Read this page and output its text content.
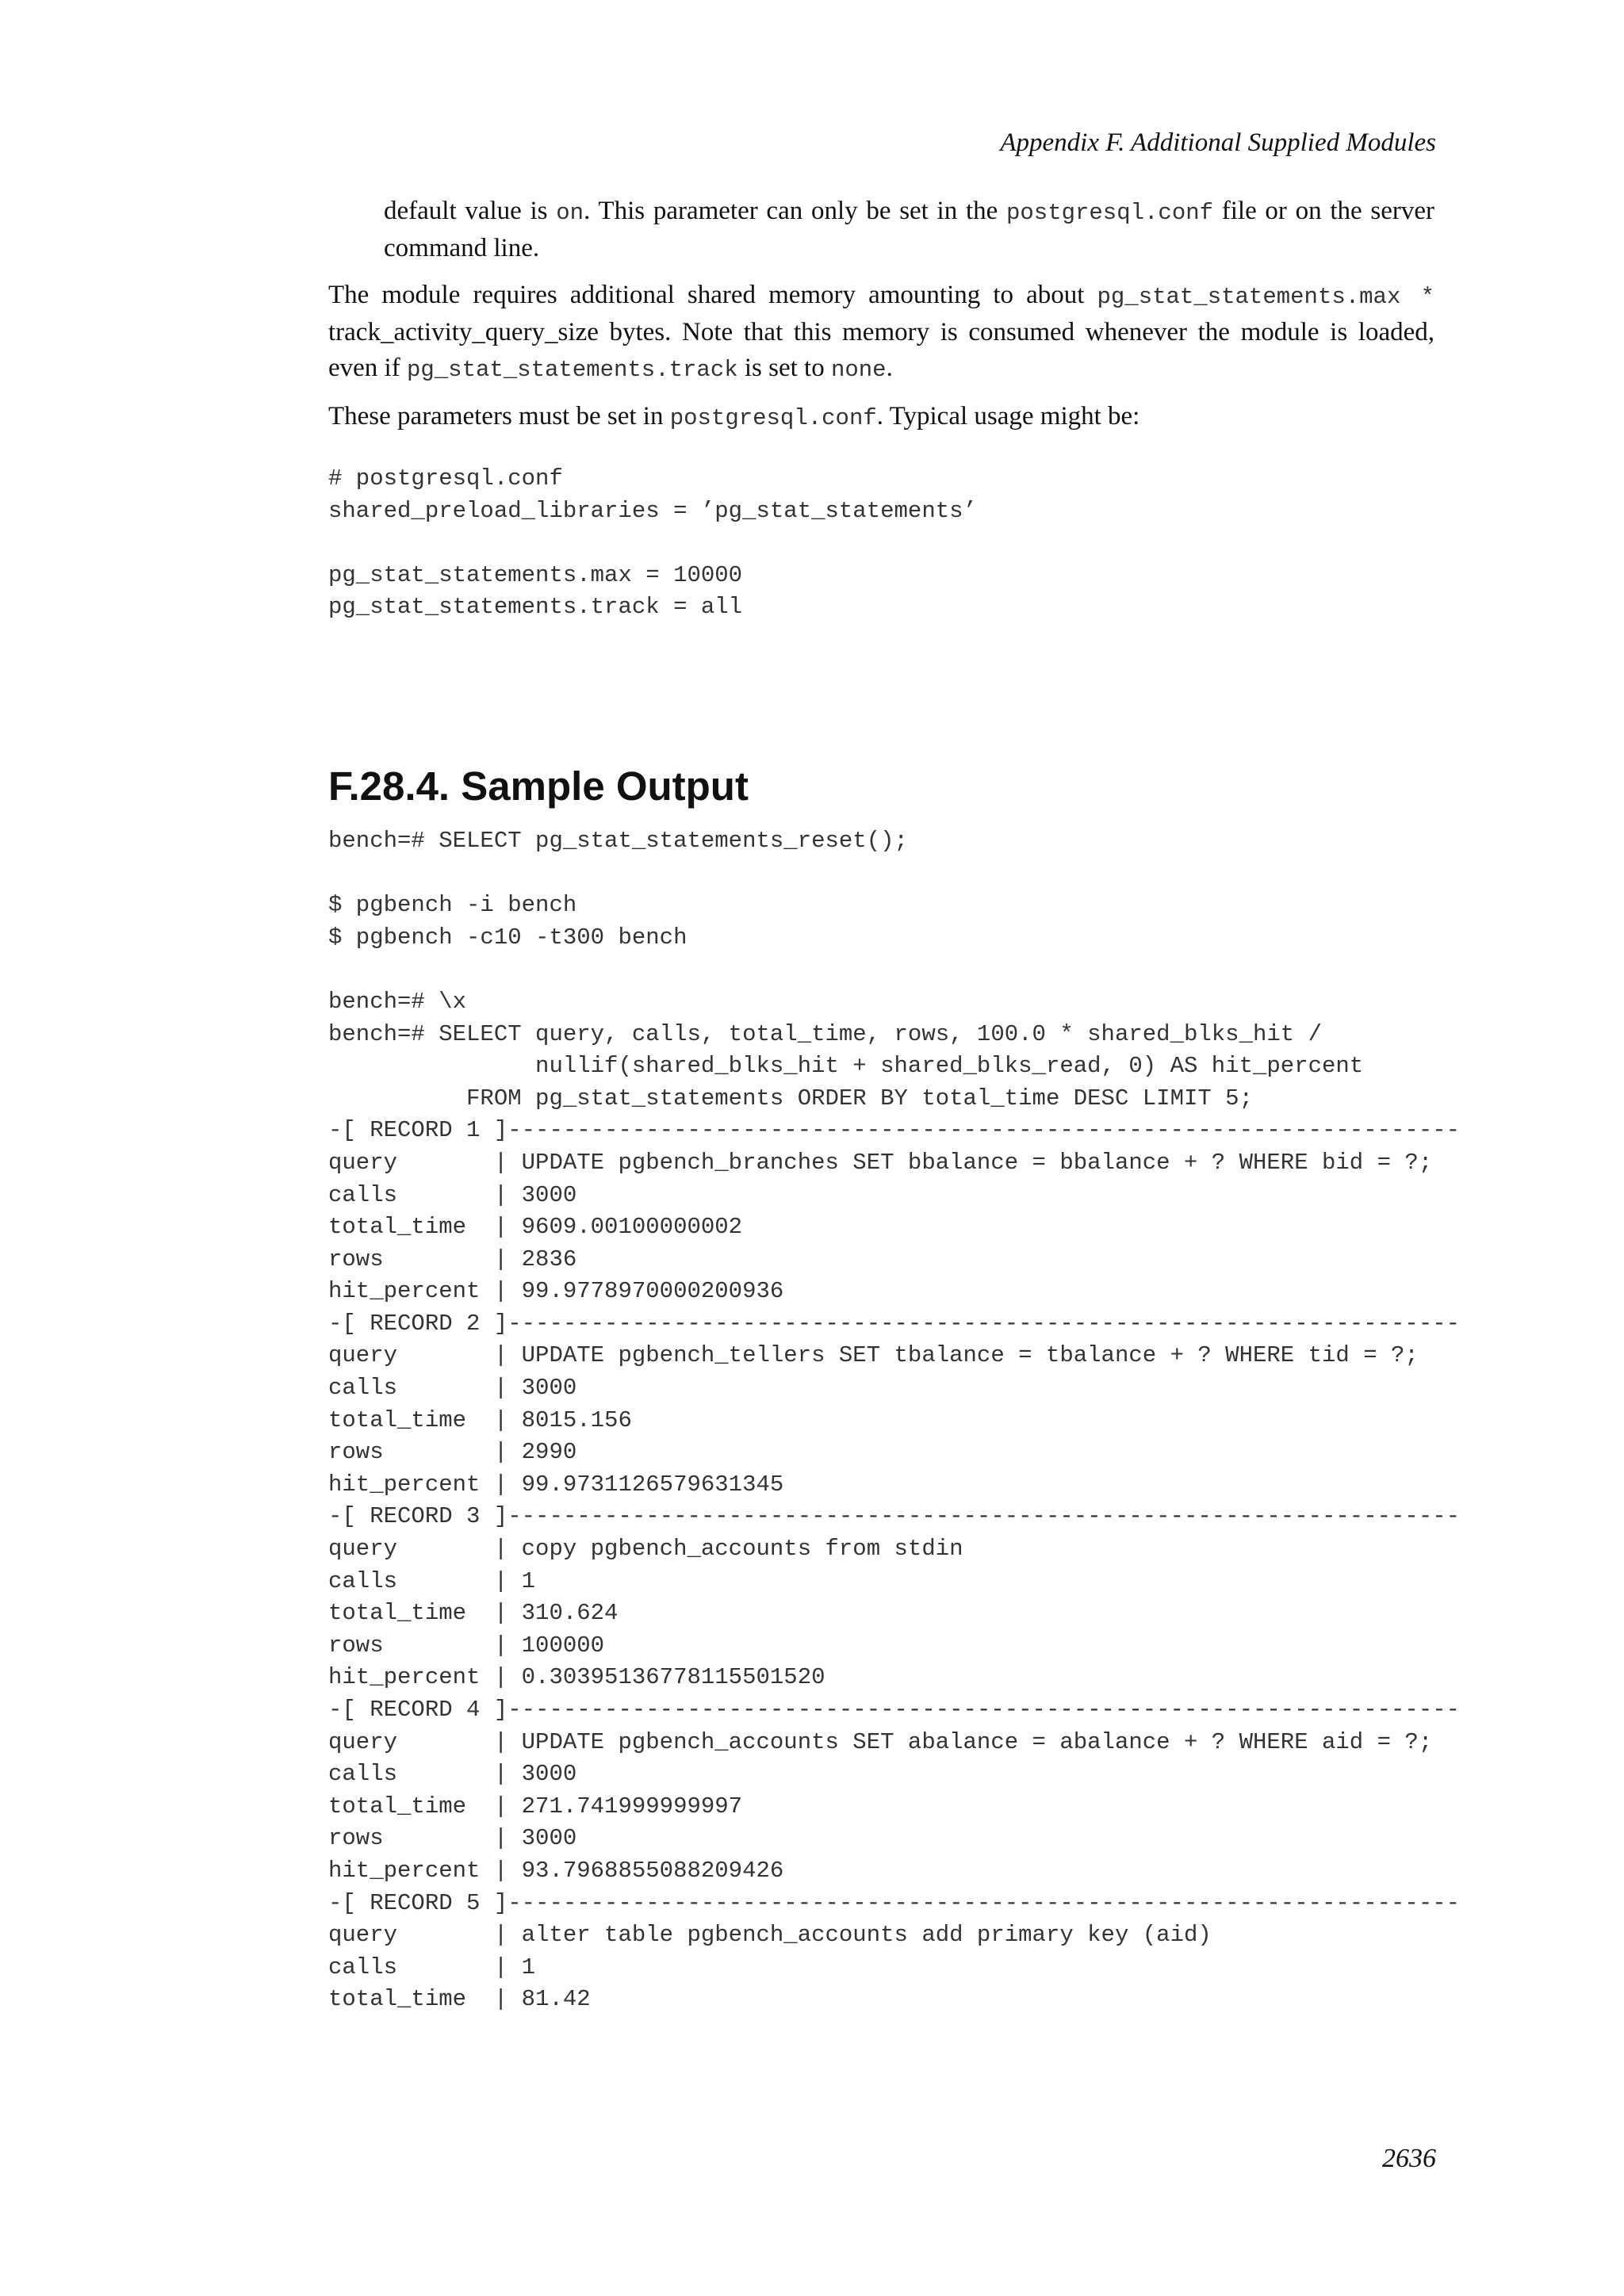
Appendix F. Additional Supplied Modules

default value is on. This parameter can only be set in the postgresql.conf file or on the server command line.

The module requires additional shared memory amounting to about pg_stat_statements.max * track_activity_query_size bytes. Note that this memory is consumed whenever the module is loaded, even if pg_stat_statements.track is set to none.

These parameters must be set in postgresql.conf. Typical usage might be:

# postgresql.conf
shared_preload_libraries = ’pg_stat_statements’

pg_stat_statements.max = 10000
pg_stat_statements.track = all
F.28.4. Sample Output
bench=# SELECT pg_stat_statements_reset();

$ pgbench -i bench
$ pgbench -c10 -t300 bench

bench=# \x
bench=# SELECT query, calls, total_time, rows, 100.0 * shared_blks_hit /
nullif(shared_blks_hit + shared_blks_read, 0) AS hit_percent
FROM pg_stat_statements ORDER BY total_time DESC LIMIT 5;
-[ RECORD 1 ]---------------------------------------------------------------------
query       | UPDATE pgbench_branches SET bbalance = bbalance + ? WHERE bid = ?;
calls       | 3000
total_time  | 9609.00100000002
rows        | 2836
hit_percent | 99.9778970000200936
-[ RECORD 2 ]---------------------------------------------------------------------
query       | UPDATE pgbench_tellers SET tbalance = tbalance + ? WHERE tid = ?;
calls       | 3000
total_time  | 8015.156
rows        | 2990
hit_percent | 99.9731126579631345
-[ RECORD 3 ]---------------------------------------------------------------------
query       | copy pgbench_accounts from stdin
calls       | 1
total_time  | 310.624
rows        | 100000
hit_percent | 0.30395136778115501520
-[ RECORD 4 ]---------------------------------------------------------------------
query       | UPDATE pgbench_accounts SET abalance = abalance + ? WHERE aid = ?;
calls       | 3000
total_time  | 271.741999999997
rows        | 3000
hit_percent | 93.7968855088209426
-[ RECORD 5 ]---------------------------------------------------------------------
query       | alter table pgbench_accounts add primary key (aid)
calls       | 1
total_time  | 81.42
2636
